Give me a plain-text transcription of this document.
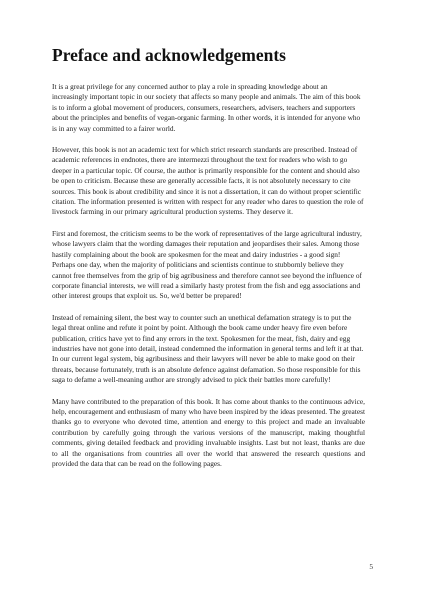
Preface and acknowledgements

It is a great privilege for any concerned author to play a role in spreading knowledge about an increasingly important topic in our society that affects so many people and animals. The aim of this book is to inform a global movement of producers, consumers, researchers, advisers, teachers and supporters about the principles and benefits of vegan-organic farming. In other words, it is intended for anyone who is in any way committed to a fairer world.

However, this book is not an academic text for which strict research standards are prescribed. Instead of academic references in endnotes, there are intermezzi throughout the text for readers who wish to go deeper in a particular topic. Of course, the author is primarily responsible for the content and should also be open to criticism. Because these are generally accessible facts, it is not absolutely necessary to cite sources. This book is about credibility and since it is not a dissertation, it can do without proper scientific citation. The information presented is written with respect for any reader who dares to question the role of livestock farming in our primary agricultural production systems. They deserve it.

First and foremost, the criticism seems to be the work of representatives of the large agricultural industry, whose lawyers claim that the wording damages their reputation and jeopardises their sales. Among those hastily complaining about the book are spokesmen for the meat and dairy industries - a good sign! Perhaps one day, when the majority of politicians and scientists continue to stubbornly believe they cannot free themselves from the grip of big agribusiness and therefore cannot see beyond the influence of corporate financial interests, we will read a similarly hasty protest from the fish and egg associations and other interest groups that exploit us. So, we'd better be prepared!

Instead of remaining silent, the best way to counter such an unethical defamation strategy is to put the legal threat online and refute it point by point. Although the book came under heavy fire even before publication, critics have yet to find any errors in the text. Spokesmen for the meat, fish, dairy and egg industries have not gone into detail, instead condemned the information in general terms and left it at that. In our current legal system, big agribusiness and their lawyers will never be able to make good on their threats, because fortunately, truth is an absolute defence against defamation. So those responsible for this saga to defame a well-meaning author are strongly advised to pick their battles more carefully!

Many have contributed to the preparation of this book. It has come about thanks to the continuous advice, help, encouragement and enthusiasm of many who have been inspired by the ideas presented. The greatest thanks go to everyone who devoted time, attention and energy to this project and made an invaluable contribution by carefully going through the various versions of the manuscript, making thoughtful comments, giving detailed feedback and providing invaluable insights. Last but not least, thanks are due to all the organisations from countries all over the world that answered the research questions and provided the data that can be read on the following pages.

5
